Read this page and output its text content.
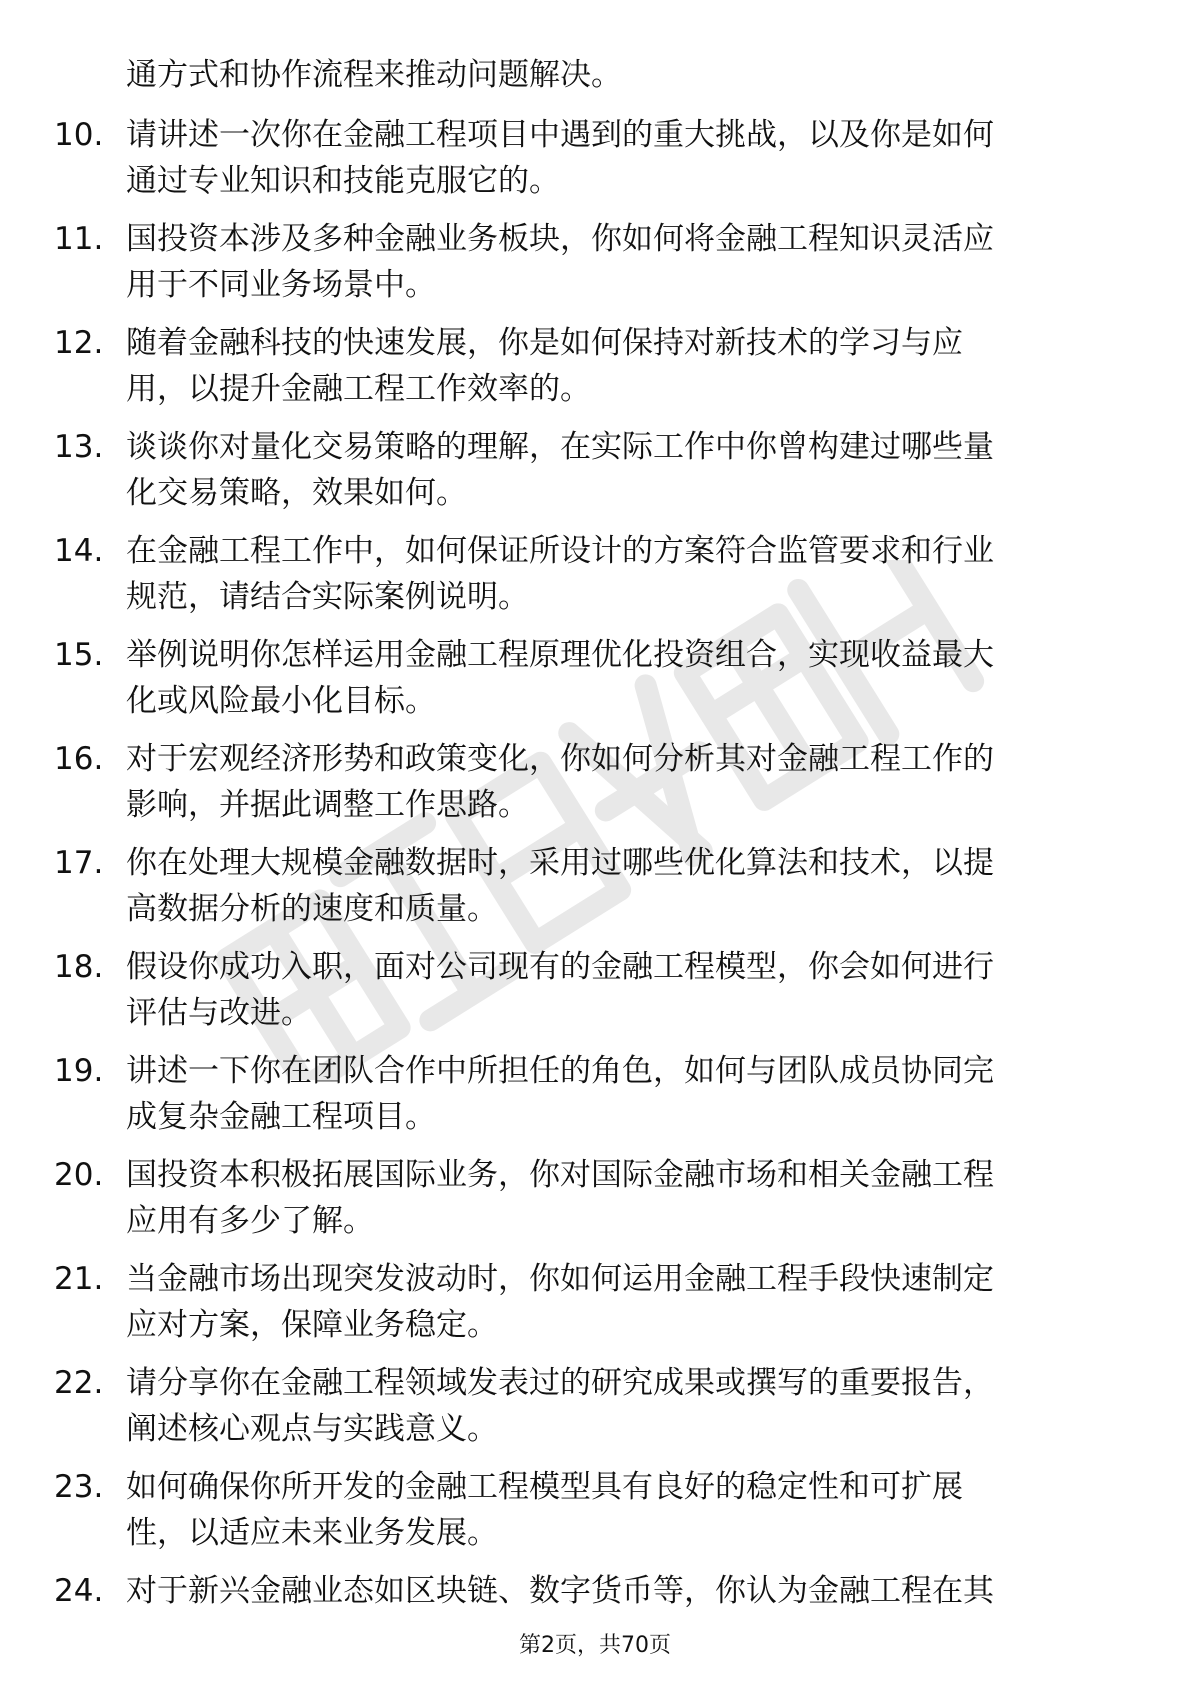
通方式和协作流程来推动问题解决。
10. 请讲述一次你在金融工程项目中遇到的重大挑战，以及你是如何
通过专业知识和技能克服它的。
11. 国投资本涉及多种金融业务板块，你如何将金融工程知识灵活应
用于不同业务场景中。
12. 随着金融科技的快速发展，你是如何保持对新技术的学习与应
用，以提升金融工程工作效率的。
13. 谈谈你对量化交易策略的理解，在实际工作中你曾构建过哪些量
化交易策略，效果如何。
14. 在金融工程工作中，如何保证所设计的方案符合监管要求和行业
规范，请结合实际案例说明。
15. 举例说明你怎样运用金融工程原理优化投资组合，实现收益最大
化或风险最小化目标。
16. 对于宏观经济形势和政策变化，你如何分析其对金融工程工作的
影响，并据此调整工作思路。
17. 你在处理大规模金融数据时，采用过哪些优化算法和技术，以提
高数据分析的速度和质量。
18. 假设你成功入职，面对公司现有的金融工程模型，你会如何进行
评估与改进。
19. 讲述一下你在团队合作中所担任的角色，如何与团队成员协同完
成复杂金融工程项目。
20. 国投资本积极拓展国际业务，你对国际金融市场和相关金融工程
应用有多少了解。
21. 当金融市场出现突发波动时，你如何运用金融工程手段快速制定
应对方案，保障业务稳定。
22. 请分享你在金融工程领域发表过的研究成果或撰写的重要报告，
阐述核心观点与实践意义。
23. 如何确保你所开发的金融工程模型具有良好的稳定性和可扩展
性，以适应未来业务发展。
24. 对于新兴金融业态如区块链、数字货币等，你认为金融工程在其
第2页，共70页
